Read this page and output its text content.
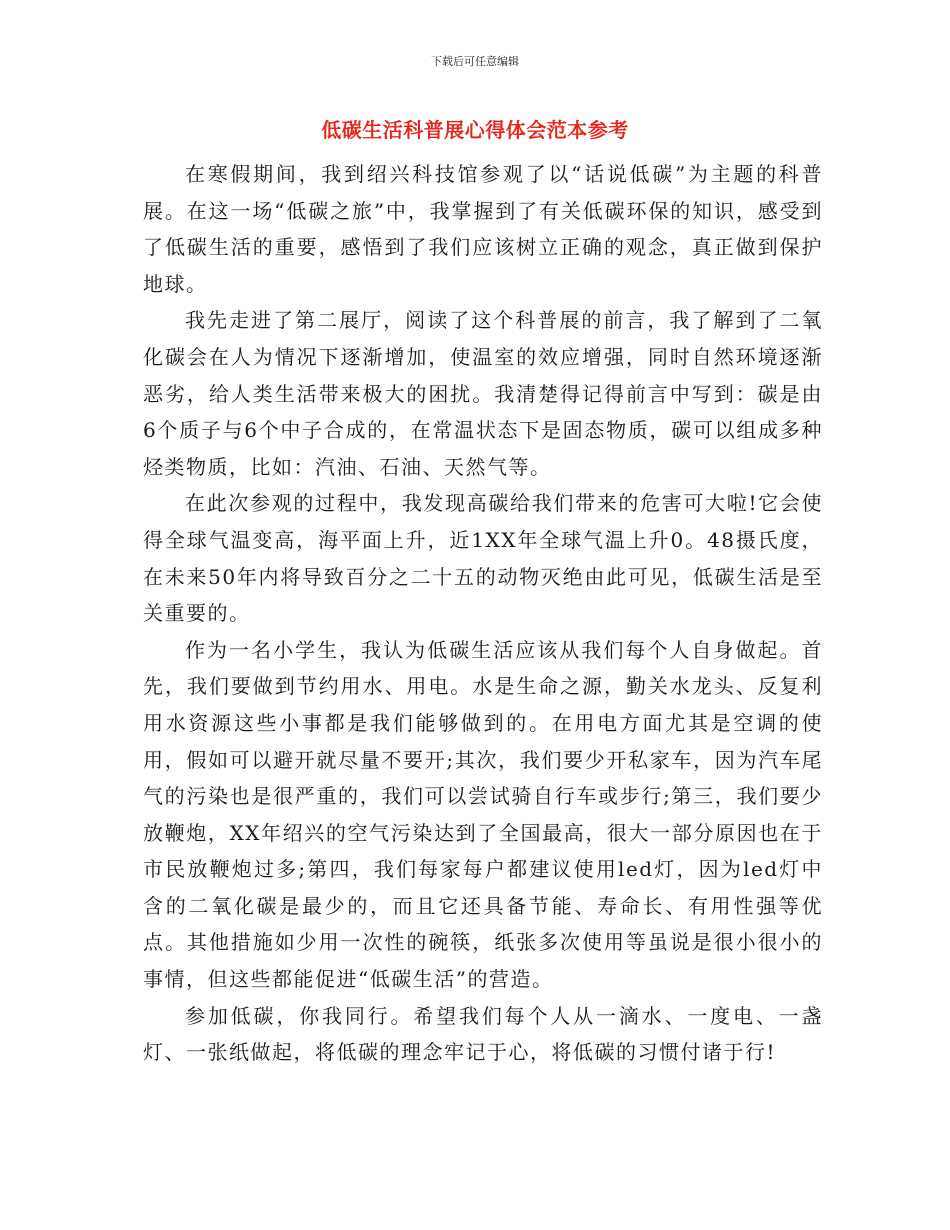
下载后可任意编辑
低碳生活科普展心得体会范本参考

在寒假期间，我到绍兴科技馆参观了以“话说低碳”为主题的科普展。在这一场“低碳之旅”中，我掌握到了有关低碳环保的知识，感受到了低碳生活的重要，感悟到了我们应该树立正确的观念，真正做到保护地球。

我先走进了第二展厅，阅读了这个科普展的前言，我了解到了二氧化碳会在人为情况下逐渐增加，使温室的效应增强，同时自然环境逐渐恶劣，给人类生活带来极大的困扰。我清楚得记得前言中写到：碳是由6个质子与6个中子合成的，在常温状态下是固态物质，碳可以组成多种烃类物质，比如：汽油、石油、天然气等。

在此次参观的过程中，我发现高碳给我们带来的危害可大啦!它会使得全球气温变高，海平面上升，近1XX年全球气温上升0。48摄氏度，在未来50年内将导致百分之二十五的动物灭绝由此可见，低碳生活是至关重要的。

作为一名小学生，我认为低碳生活应该从我们每个人自身做起。首先，我们要做到节约用水、用电。水是生命之源，勤关水龙头、反复利用水资源这些小事都是我们能够做到的。在用电方面尤其是空调的使用，假如可以避开就尽量不要开;其次，我们要少开私家车，因为汽车尾气的污染也是很严重的，我们可以尝试骑自行车或步行;第三，我们要少放鞭炮，XX年绍兴的空气污染达到了全国最高，很大一部分原因也在于市民放鞭炮过多;第四，我们每家每户都建议使用led灯，因为led灯中含的二氧化碳是最少的，而且它还具备节能、寿命长、有用性强等优点。其他措施如少用一次性的碗筷，纸张多次使用等虽说是很小很小的事情，但这些都能促进“低碳生活”的营造。

参加低碳，你我同行。希望我们每个人从一滴水、一度电、一盏灯、一张纸做起，将低碳的理念牢记于心，将低碳的习惯付诸于行!
